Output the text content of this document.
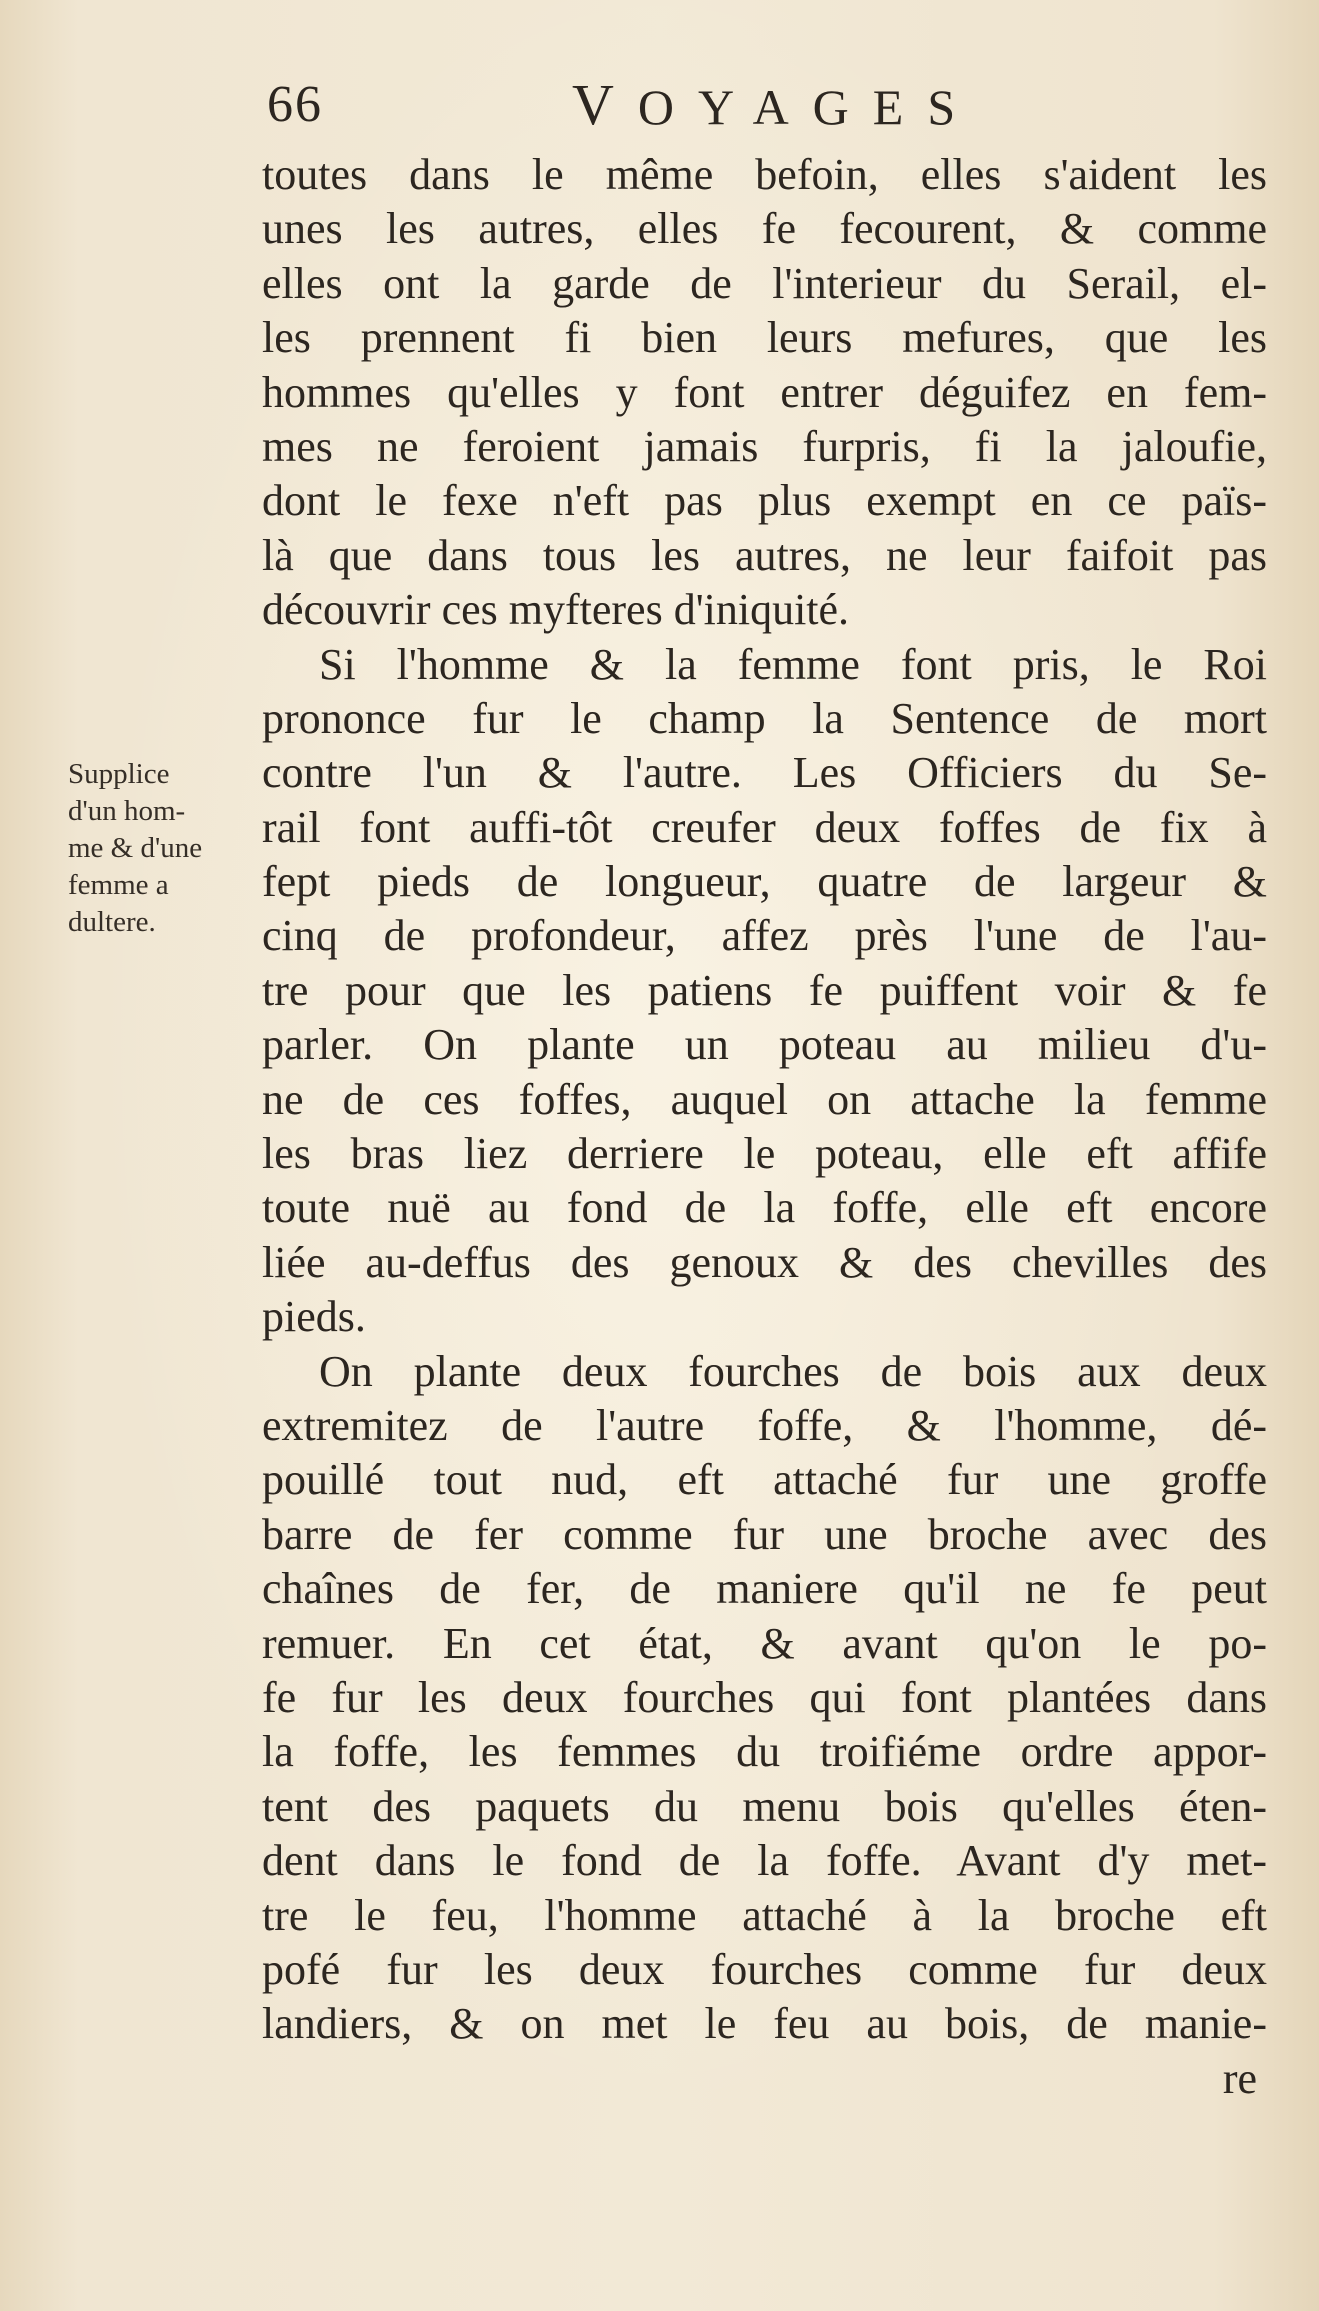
66	VOYAGES
Supplice
d'un hom-
me & d'une
femme a
dultere.
toutes dans le même befoin, elles s'aident les
unes les autres, elles fe fecourent, & comme
elles ont la garde de l'interieur du Serail, el-
les prennent fi bien leurs mefures, que les
hommes qu'elles y font entrer déguifez en fem-
mes ne feroient jamais furpris, fi la jaloufie,
dont le fexe n'eft pas plus exempt en ce païs-
là que dans tous les autres, ne leur faifoit pas
découvrir ces myfteres d'iniquité.
Si l'homme & la femme font pris, le Roi
prononce fur le champ la Sentence de mort
contre l'un & l'autre. Les Officiers du Se-
rail font auffi-tôt creufer deux foffes de fix à
fept pieds de longueur, quatre de largeur &
cinq de profondeur, affez près l'une de l'au-
tre pour que les patiens fe puiffent voir & fe
parler. On plante un poteau au milieu d'u-
ne de ces foffes, auquel on attache la femme
les bras liez derriere le poteau, elle eft affife
toute nuë au fond de la foffe, elle eft encore
liée au-deffus des genoux & des chevilles des
pieds.
On plante deux fourches de bois aux deux
extremitez de l'autre foffe, & l'homme, dé-
pouillé tout nud, eft attaché fur une groffe
barre de fer comme fur une broche avec des
chaînes de fer, de maniere qu'il ne fe peut
remuer. En cet état, & avant qu'on le po-
fe fur les deux fourches qui font plantées dans
la foffe, les femmes du troifiéme ordre appor-
tent des paquets du menu bois qu'elles éten-
dent dans le fond de la foffe. Avant d'y met-
tre le feu, l'homme attaché à la broche eft
pofé fur les deux fourches comme fur deux
landiers, & on met le feu au bois, de manie-
re
